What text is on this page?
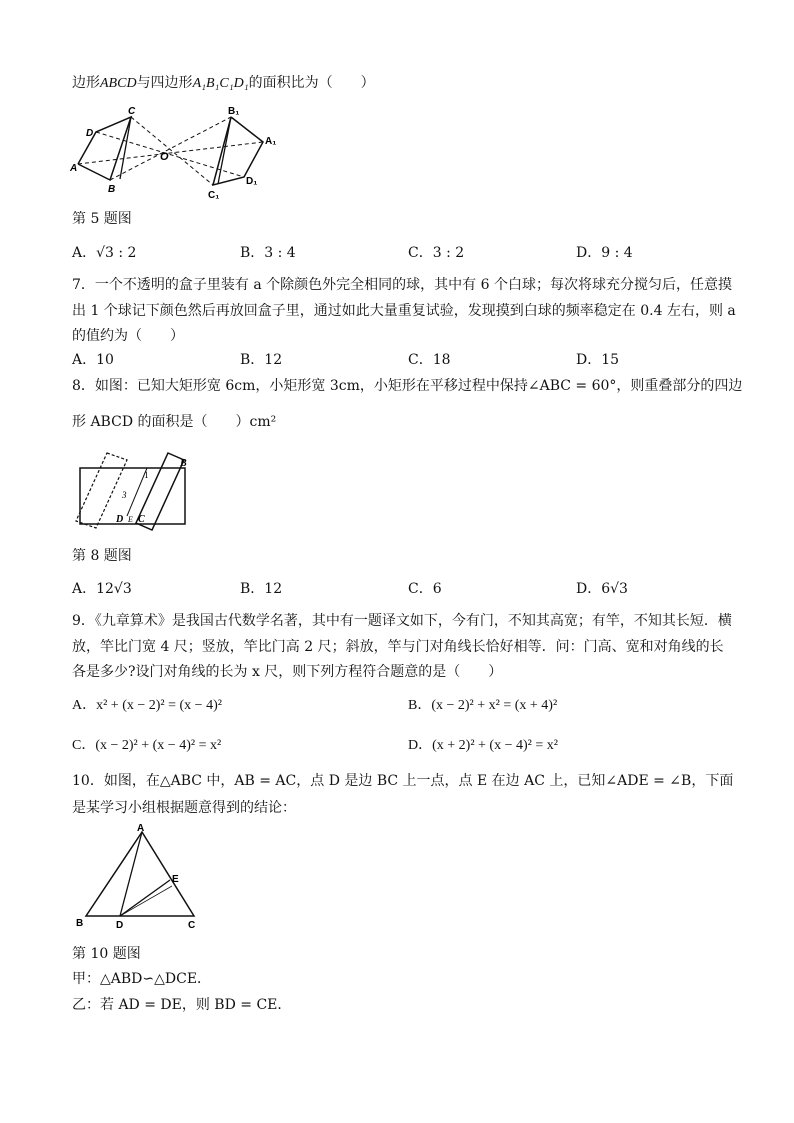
边形ABCD与四边形A₁B₁C₁D₁的面积比为（　　）
D
C
A
B
O
B₁
A₁
D₁
C₁
第 5 题图
A．√3 : 2	B．3 : 4	C．3 : 2	D．9 : 4
7．一个不透明的盒子里装有 a 个除颜色外完全相同的球，其中有 6 个白球；每次将球充分搅匀后，任意摸
出 1 个球记下颜色然后再放回盒子里，通过如此大量重复试验，发现摸到白球的频率稳定在 0.4 左右，则 a
的值约为（　　）
A．10	B．12	C．18	D．15
8．如图：已知大矩形宽 6cm，小矩形宽 3cm，小矩形在平移过程中保持∠ABC = 60°，则重叠部分的四边
形 ABCD 的面积是（　　）cm²
B
1
3
D E C
第 8 题图
A．12√3	B．12	C．6	D．6√3
9．《九章算术》是我国古代数学名著，其中有一题译文如下，今有门，不知其高宽；有竿，不知其长短．横
放，竿比门宽 4 尺；竖放，竿比门高 2 尺；斜放，竿与门对角线长恰好相等．问：门高、宽和对角线的长
各是多少?设门对角线的长为 x 尺，则下列方程符合题意的是（　　）
A．x² + (x − 2)² = (x − 4)²	B．(x − 2)² + x² = (x + 4)²
C．(x − 2)² + (x − 4)² = x²	D．(x + 2)² + (x − 4)² = x²
10．如图，在△ABC 中，AB = AC，点 D 是边 BC 上一点，点 E 在边 AC 上，已知∠ADE = ∠B，下面
是某学习小组根据题意得到的结论：
A
B	C
D
E
第 10 题图
甲：△ABD∽△DCE．
乙：若 AD = DE，则 BD = CE．
